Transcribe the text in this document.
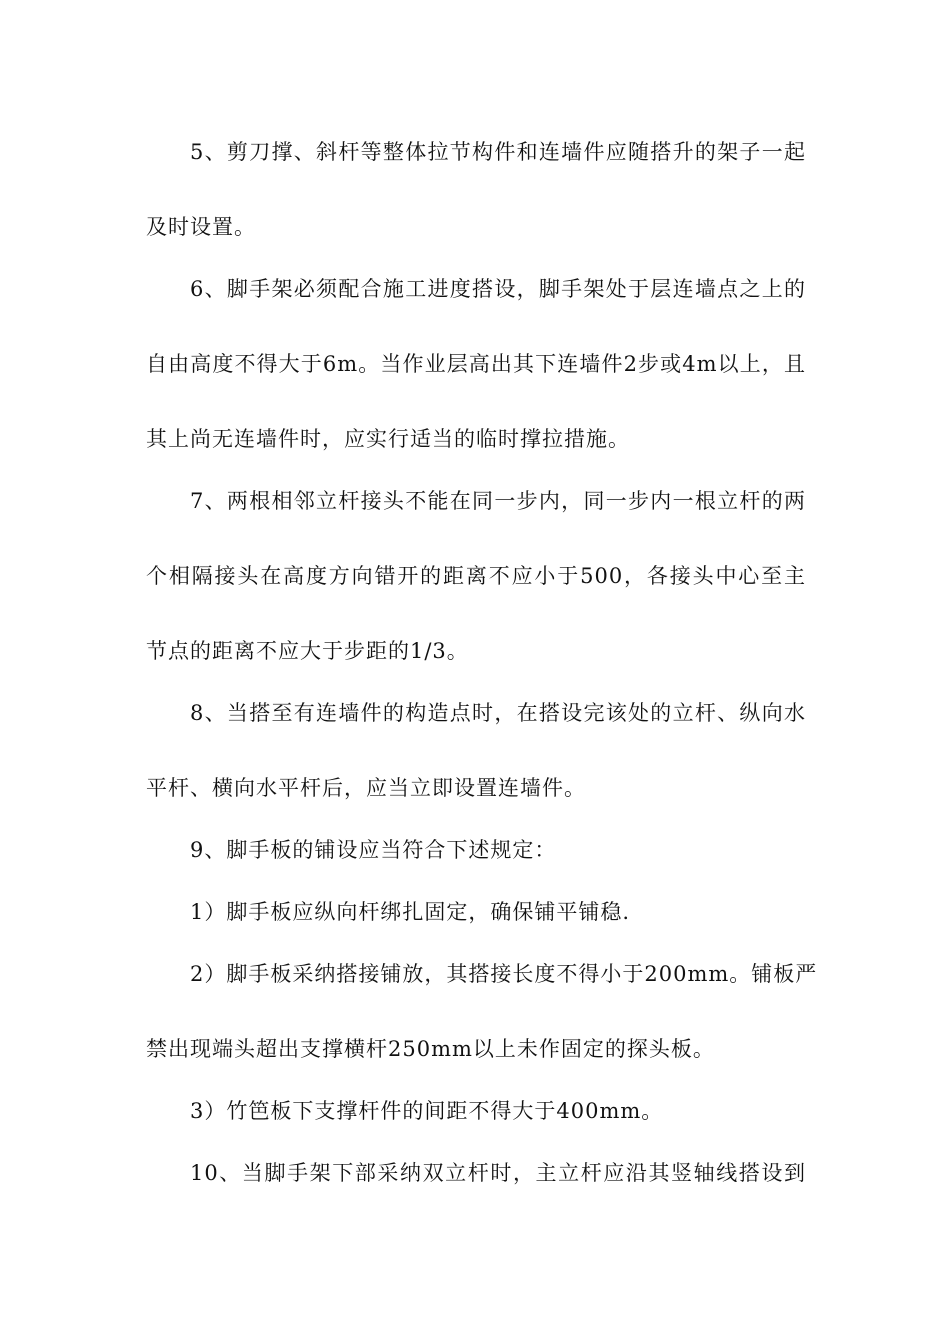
5、剪刀撑、斜杆等整体拉节构件和连墙件应随搭升的架子一起
及时设置。
6、脚手架必须配合施工进度搭设，脚手架处于层连墙点之上的
自由高度不得大于6m。当作业层高出其下连墙件2步或4m以上，且
其上尚无连墙件时，应实行适当的临时撑拉措施。
7、两根相邻立杆接头不能在同一步内，同一步内一根立杆的两
个相隔接头在高度方向错开的距离不应小于500，各接头中心至主
节点的距离不应大于步距的1/3。
8、当搭至有连墙件的构造点时，在搭设完该处的立杆、纵向水
平杆、横向水平杆后，应当立即设置连墙件。
9、脚手板的铺设应当符合下述规定：
1）脚手板应纵向杆绑扎固定，确保铺平铺稳.
2）脚手板采纳搭接铺放，其搭接长度不得小于200mm。铺板严
禁出现端头超出支撑横杆250mm以上未作固定的探头板。
3）竹笆板下支撑杆件的间距不得大于400mm。
10、当脚手架下部采纳双立杆时，主立杆应沿其竖轴线搭设到
